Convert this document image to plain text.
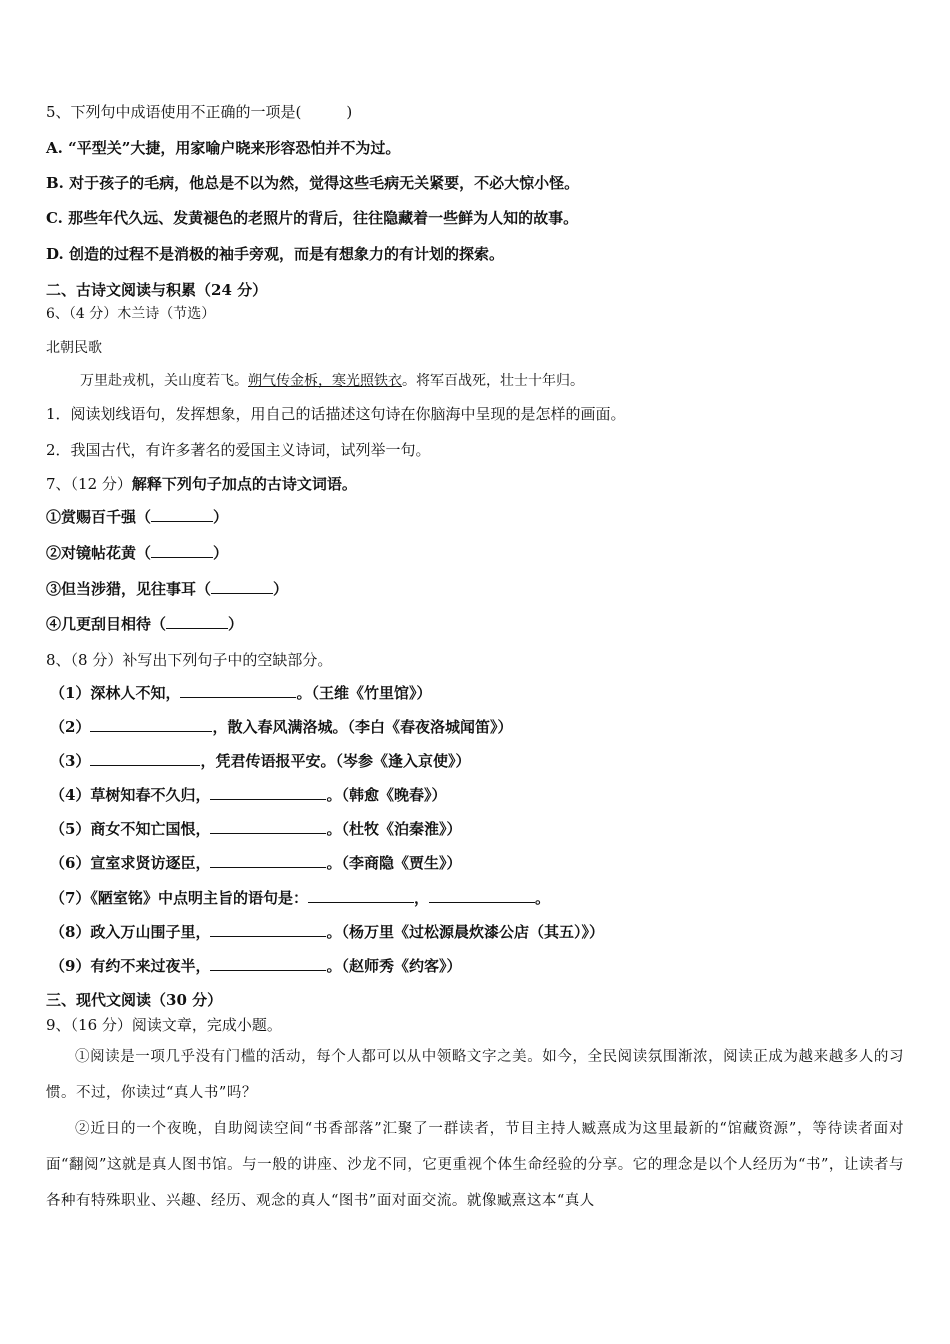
5、下列句中成语使用不正确的一项是(　　　)
A. “平型关”大捷，用家喻户晓来形容恐怕并不为过。
B. 对于孩子的毛病，他总是不以为然，觉得这些毛病无关紧要，不必大惊小怪。
C. 那些年代久远、发黄褪色的老照片的背后，往往隐藏着一些鲜为人知的故事。
D. 创造的过程不是消极的袖手旁观，而是有想象力的有计划的探索。
二、古诗文阅读与积累（24 分）
6、（4 分）木兰诗（节选）
北朝民歌
万里赴戎机，关山度若飞。朔气传金柝，寒光照铁衣。将军百战死，壮士十年归。
1．阅读划线语句，发挥想象，用自己的话描述这句诗在你脑海中呈现的是怎样的画面。
2．我国古代，有许多著名的爱国主义诗词，试列举一句。
7、（12 分）解释下列句子加点的古诗文词语。
①赏赐百千强（	）
②对镜帖花黄（	）
③但当涉猎，见往事耳（	）
④几更刮目相待（	）
8、（8 分）补写出下列句子中的空缺部分。
（1）深林人不知，	。（王维《竹里馆》）
（2）	，散入春风满洛城。（李白《春夜洛城闻笛》）
（3）	，凭君传语报平安。（岑参《逢入京使》）
（4）草树知春不久归，	。（韩愈《晚春》）
（5）商女不知亡国恨，	。（杜牧《泊秦淮》）
（6）宣室求贤访逐臣，	。（李商隐《贾生》）
（7）《陋室铭》中点明主旨的语句是：	，	。
（8）政入万山围子里，	。（杨万里《过松源晨炊漆公店（其五）》）
（9）有约不来过夜半，	。（赵师秀《约客》）
三、现代文阅读（30 分）
9、（16 分）阅读文章，完成小题。
①阅读是一项几乎没有门槛的活动，每个人都可以从中领略文字之美。如今，全民阅读氛围渐浓，阅读正成为越来越多人的习惯。不过，你读过“真人书”吗？
②近日的一个夜晚，自助阅读空间“书香部落”汇聚了一群读者，节目主持人臧熹成为这里最新的“馆藏资源”，等待读者面对面“翻阅”这就是真人图书馆。与一般的讲座、沙龙不同，它更重视个体生命经验的分享。它的理念是以个人经历为“书”，让读者与各种有特殊职业、兴趣、经历、观念的真人“图书”面对面交流。就像臧熹这本“真人
